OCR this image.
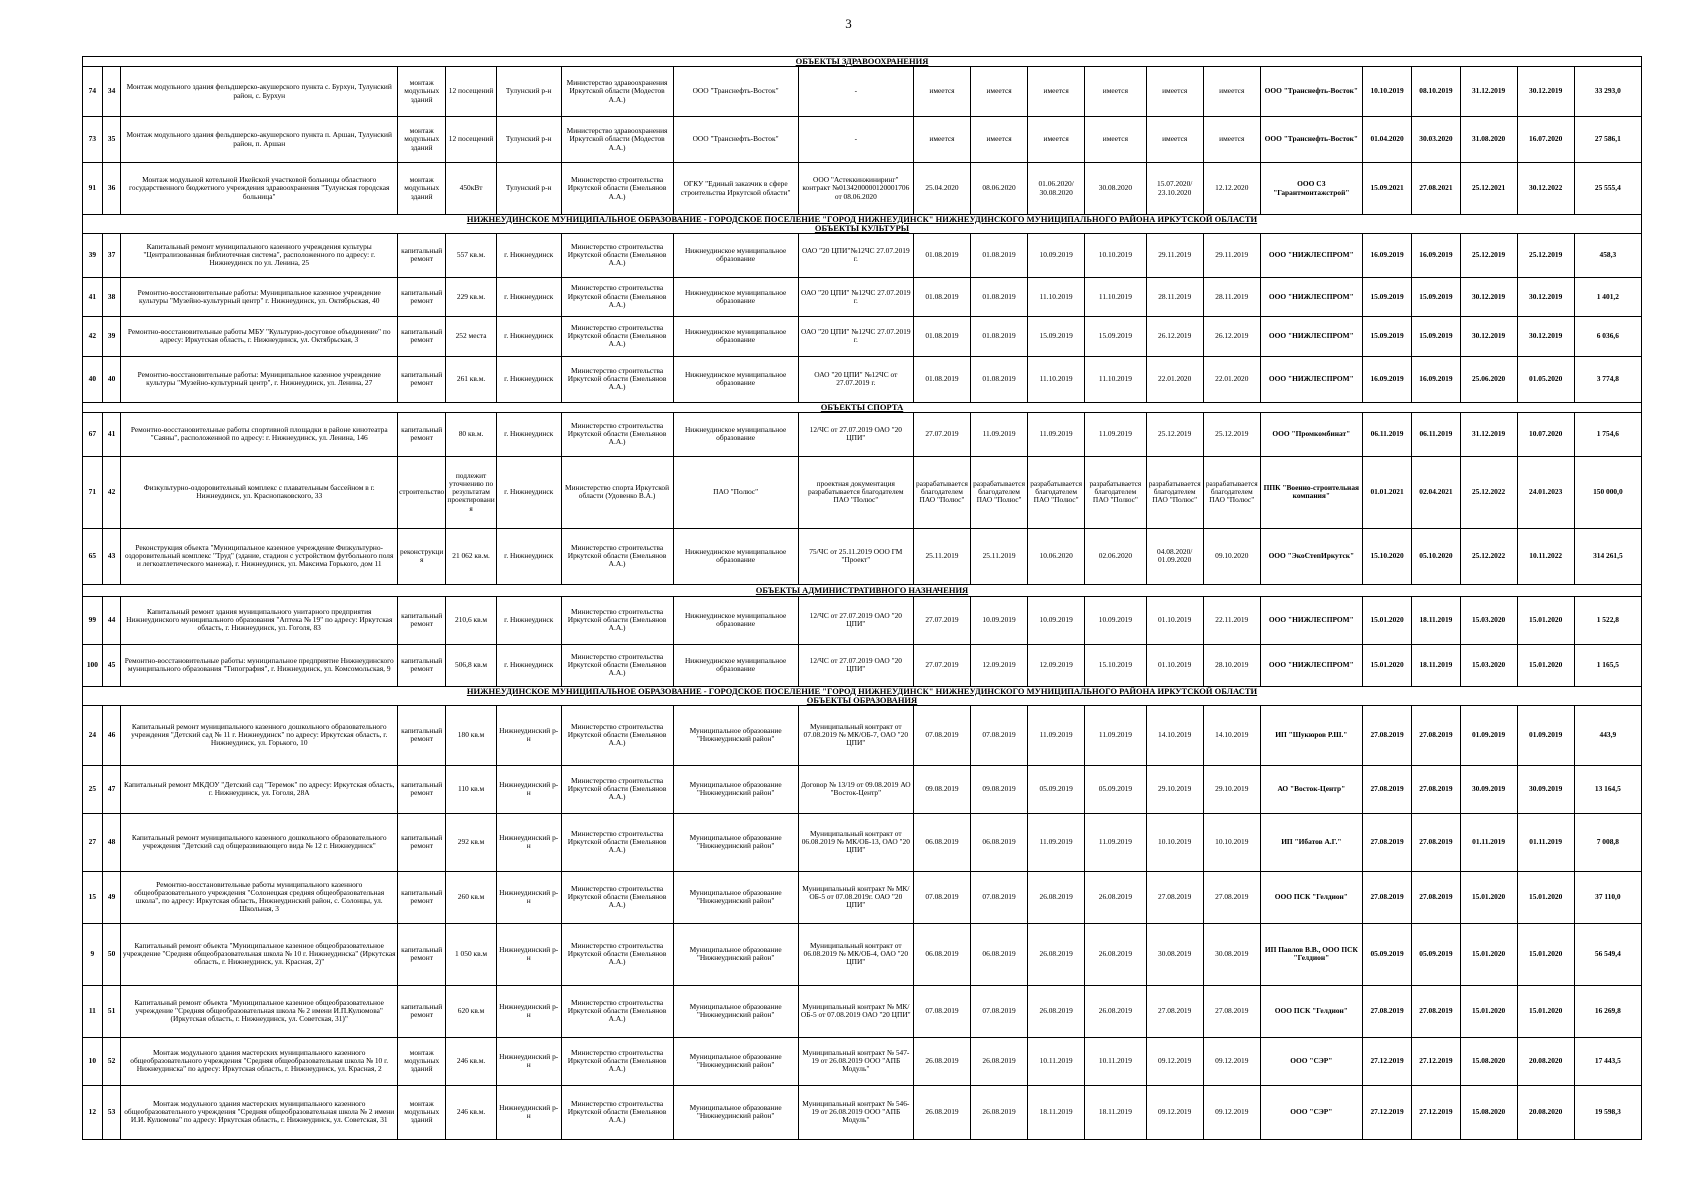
3
ОБЪЕКТЫ ЗДРАВООХРАНЕНИЯ																				

74	34	Монтаж модульного здания фельдшерско-акушерского пункта с. Бурхун, Тулунский район, с. Бурхун	монтаж модульных зданий	12 посещений	Тулунский р-н	Министерство здравоохранения Иркутской области (Модестов А.А.)	ООО "Транснефть-Восток"	-	имеется	имеется	имеется	имеется	имеется	имеется	ООО "Транснефть-Восток"	10.10.2019	08.10.2019	31.12.2019	30.12.2019	33 293,0
73	35	Монтаж модульного здания фельдшерско-акушерского пункта п. Аршан, Тулунский район, п. Аршан	монтаж модульных зданий	12 посещений	Тулунский р-н	Министерство здравоохранения Иркутской области (Модестов А.А.)	ООО "Транснефть-Восток"	-	имеется	имеется	имеется	имеется	имеется	имеется	ООО "Транснефть-Восток"	01.04.2020	30.03.2020	31.08.2020	16.07.2020	27 586,1
91	36	Монтаж модульной котельной Икейской участковой больницы областного государственного бюджетного учреждения здравоохранения "Тулунская городская больница"	монтаж модульных зданий	450кВт	Тулунский р-н	Министерство строительства Иркутской области (Емельянов А.А.)	ОГКУ "Единый заказчик в сфере строительства Иркутской области"	ООО "Астеккинжиниринг" контракт №0134200000120001706 от 08.06.2020	25.04.2020	08.06.2020	01.06.2020/ 30.08.2020	30.08.2020	15.07.2020/ 23.10.2020	12.12.2020	ООО СЗ "Гарантмонтажстрой"	15.09.2021	27.08.2021	25.12.2021	30.12.2022	25 555,4

НИЖНЕУДИНСКОЕ МУНИЦИПАЛЬНОЕ ОБРАЗОВАНИЕ - ГОРОДСКОЕ ПОСЕЛЕНИЕ "ГОРОД НИЖНЕУДИНСК" НИЖНЕУДИНСКОГО МУНИЦИПАЛЬНОГО РАЙОНА ИРКУТСКОЙ ОБЛАСТИ
ОБЪЕКТЫ КУЛЬТУРЫ																				

39	37	Капитальный ремонт муниципального казенного учреждения культуры "Централизованная библиотечная система", расположенного по адресу: г. Нижнеудинск по ул. Ленина, 25	капитальный ремонт	557 кв.м.	г. Нижнеудинск	Министерство строительства Иркутской области (Емельянов А.А.)	Нижнеудинское муниципальное образование	ОАО "20 ЦПИ"№12ЧС 27.07.2019 г.	01.08.2019	01.08.2019	10.09.2019	10.10.2019	29.11.2019	29.11.2019	ООО "НИЖЛЕСПРОМ"	16.09.2019	16.09.2019	25.12.2019	25.12.2019	458,3
41	38	Ремонтно-восстановительные работы: Муниципальное казенное учреждение культуры "Музейно-культурный центр" г. Нижнеудинск, ул. Октябрьская, 40	капитальный ремонт	229 кв.м.	г. Нижнеудинск	Министерство строительства Иркутской области (Емельянов А.А.)	Нижнеудинское муниципальное образование	ОАО "20 ЦПИ" №12ЧС 27.07.2019 г.	01.08.2019	01.08.2019	11.10.2019	11.10.2019	28.11.2019	28.11.2019	ООО "НИЖЛЕСПРОМ"	15.09.2019	15.09.2019	30.12.2019	30.12.2019	1 401,2
42	39	Ремонтно-восстановительные работы МБУ "Культурно-досуговое объединение" по адресу: Иркутская область, г. Нижнеудинск, ул. Октябрьская, 3	капитальный ремонт	252 места	г. Нижнеудинск	Министерство строительства Иркутской области (Емельянов А.А.)	Нижнеудинское муниципальное образование	ОАО "20 ЦПИ" №12ЧС 27.07.2019 г.	01.08.2019	01.08.2019	15.09.2019	15.09.2019	26.12.2019	26.12.2019	ООО "НИЖЛЕСПРОМ"	15.09.2019	15.09.2019	30.12.2019	30.12.2019	6 036,6
40	40	Ремонтно-восстановительные работы: Муниципальное казенное учреждение культуры "Музейно-культурный центр", г. Нижнеудинск, ул. Ленина, 27	капитальный ремонт	261 кв.м.	г. Нижнеудинск	Министерство строительства Иркутской области (Емельянов А.А.)	Нижнеудинское муниципальное образование	ОАО "20 ЦПИ" №12ЧС от 27.07.2019 г.	01.08.2019	01.08.2019	11.10.2019	11.10.2019	22.01.2020	22.01.2020	ООО "НИЖЛЕСПРОМ"	16.09.2019	16.09.2019	25.06.2020	01.05.2020	3 774,8

ОБЪЕКТЫ СПОРТА																				

67	41	Ремонтно-восстановительные работы спортивной площадки в районе кинотеатра "Саяны", расположенной по адресу: г. Нижнеудинск, ул. Ленина, 146	капитальный ремонт	80 кв.м.	г. Нижнеудинск	Министерство строительства Иркутской области (Емельянов А.А.)	Нижнеудинское муниципальное образование	12/ЧС от 27.07.2019 ОАО "20 ЦПИ"	27.07.2019	11.09.2019	11.09.2019	11.09.2019	25.12.2019	25.12.2019	ООО "Промкомбинат"	06.11.2019	06.11.2019	31.12.2019	10.07.2020	1 754,6
71	42	Физкультурно-оздоровительный комплекс с плавательным бассейном в г. Нижнеудинск, ул. Краснопаковского, 33	строительство	подлежит уточнению по результатам проектирования	г. Нижнеудинск	Министерство спорта Иркутской области (Удовенко В.А.)	ПАО "Полюс"	проектная документация разрабатывается благодателем ПАО "Полюс"	разрабатывается благодателем ПАО "Полюс"	разрабатывается благодателем ПАО "Полюс"	разрабатывается благодателем ПАО "Полюс"	разрабатывается благодателем ПАО "Полюс"	разрабатывается благодателем ПАО "Полюс"	разрабатывается благодателем ПАО "Полюс"	ППК "Военно-строительная компания"	01.01.2021	02.04.2021	25.12.2022	24.01.2023	150 000,0
65	43	Реконструкция объекта "Муниципальное казенное учреждение Физкультурно-оздоровительный комплекс "Труд" (здание, стадион с устройством футбольного поля и легкоатлетического манежа), г. Нижнеудинск, ул. Максима Горького, дом 11	реконструкция	21 062 кв.м.	г. Нижнеудинск	Министерство строительства Иркутской области (Емельянов А.А.)	Нижнеудинское муниципальное образование	75/ЧС от 25.11.2019 ООО ГМ "Проект"	25.11.2019	25.11.2019	10.06.2020	02.06.2020	04.08.2020/ 01.09.2020	09.10.2020	ООО "ЭкоСтепИркутск"	15.10.2020	05.10.2020	25.12.2022	10.11.2022	314 261,5

ОБЪЕКТЫ АДМИНИСТРАТИВНОГО НАЗНАЧЕНИЯ																				

99	44	Капитальный ремонт здания муниципального унитарного предприятия Нижнеудинского муниципального образования "Аптека № 19" по адресу: Иркутская область, г. Нижнеудинск, ул. Гоголя, 83	капитальный ремонт	210,6 кв.м	г. Нижнеудинск	Министерство строительства Иркутской области (Емельянов А.А.)	Нижнеудинское муниципальное образование	12/ЧС от 27.07.2019 ОАО "20 ЦПИ"	27.07.2019	10.09.2019	10.09.2019	10.09.2019	01.10.2019	22.11.2019	ООО "НИЖЛЕСПРОМ"	15.01.2020	18.11.2019	15.03.2020	15.01.2020	1 522,8
100	45	Ремонтно-восстановительные работы: муниципальное предприятие Нижнеудинского муниципального образования "Типография", г. Нижнеудинск, ул. Комсомольская, 9	капитальный ремонт	506,8 кв.м	г. Нижнеудинск	Министерство строительства Иркутской области (Емельянов А.А.)	Нижнеудинское муниципальное образование	12/ЧС от 27.07.2019 ОАО "20 ЦПИ"	27.07.2019	12.09.2019	12.09.2019	15.10.2019	01.10.2019	28.10.2019	ООО "НИЖЛЕСПРОМ"	15.01.2020	18.11.2019	15.03.2020	15.01.2020	1 165,5

НИЖНЕУДИНСКОЕ МУНИЦИПАЛЬНОЕ ОБРАЗОВАНИЕ - ГОРОДСКОЕ ПОСЕЛЕНИЕ "ГОРОД НИЖНЕУДИНСК" НИЖНЕУДИНСКОГО МУНИЦИПАЛЬНОГО РАЙОНА ИРКУТСКОЙ ОБЛАСТИ
ОБЪЕКТЫ ОБРАЗОВАНИЯ																				

24	46	Капитальный ремонт муниципального казенного дошкольного образовательного учреждения "Детский сад № 11 г. Нижнеудинск" по адресу: Иркутская область, г. Нижнеудинск, ул. Горького, 10	капитальный ремонт	180 кв.м	Нижнеудинский р-н	Министерство строительства Иркутской области (Емельянов А.А.)	Муниципальное образование "Нижнеудинский район"	Муниципальный контракт от 07.08.2019 № МК/ОБ-7, ОАО "20 ЦПИ"	07.08.2019	07.08.2019	11.09.2019	11.09.2019	14.10.2019	14.10.2019	ИП "Шукюров Р.Ш."	27.08.2019	27.08.2019	01.09.2019	01.09.2019	443,9
25	47	Капитальный ремонт МКДОУ "Детский сад "Теремок" по адресу: Иркутская область, г. Нижнеудинск, ул. Гоголя, 28А	капитальный ремонт	110 кв.м	Нижнеудинский р-н	Министерство строительства Иркутской области (Емельянов А.А.)	Муниципальное образование "Нижнеудинский район"	Договор № 13/19 от 09.08.2019 АО "Восток-Центр"	09.08.2019	09.08.2019	05.09.2019	05.09.2019	29.10.2019	29.10.2019	АО "Восток-Центр"	27.08.2019	27.08.2019	30.09.2019	30.09.2019	13 164,5
27	48	Капитальный ремонт муниципального казенного дошкольного образовательного учреждения "Детский сад общеразвивающего вида № 12 г. Нижнеудинск"	капитальный ремонт	292 кв.м	Нижнеудинский р-н	Министерство строительства Иркутской области (Емельянов А.А.)	Муниципальное образование "Нижнеудинский район"	Муниципальный контракт от 06.08.2019 № МК/ОБ-13, ОАО "20 ЦПИ"	06.08.2019	06.08.2019	11.09.2019	11.09.2019	10.10.2019	10.10.2019	ИП "Ибатов А.Г."	27.08.2019	27.08.2019	01.11.2019	01.11.2019	7 008,8
15	49	Ремонтно-восстановительные работы муниципального казенного общеобразовательного учреждения "Солонецкая средняя общеобразовательная школа", по адресу: Иркутская область, Нижнеудинский район, с. Солонцы, ул. Школьная, 3	капитальный ремонт	260 кв.м	Нижнеудинский р-н	Министерство строительства Иркутской области (Емельянов А.А.)	Муниципальное образование "Нижнеудинский район"	Муниципальный контракт № МК/ОБ-5 от 07.08.2019г. ОАО "20 ЦПИ"	07.08.2019	07.08.2019	26.08.2019	26.08.2019	27.08.2019	27.08.2019	ООО ПСК "Гелдион"	27.08.2019	27.08.2019	15.01.2020	15.01.2020	37 110,0
9	50	Капитальный ремонт объекта "Муниципальное казенное общеобразовательное учреждение "Средняя общеобразовательная школа № 10 г. Нижнеудинска" (Иркутская область, г. Нижнеудинск, ул. Красная, 2)"	капитальный ремонт	1 050 кв.м	Нижнеудинский р-н	Министерство строительства Иркутской области (Емельянов А.А.)	Муниципальное образование "Нижнеудинский район"	Муниципальный контракт от 06.08.2019 № МК/ОБ-4, ОАО "20 ЦПИ"	06.08.2019	06.08.2019	26.08.2019	26.08.2019	30.08.2019	30.08.2019	ИП Павлов В.В., ООО ПСК "Гелдион"	05.09.2019	05.09.2019	15.01.2020	15.01.2020	56 549,4
11	51	Капитальный ремонт объекта "Муниципальное казенное общеобразовательное учреждение "Средняя общеобразовательная школа № 2 имени И.П.Кулюмова" (Иркутская область, г. Нижнеудинск, ул. Советская, 31)"	капитальный ремонт	620 кв.м	Нижнеудинский р-н	Министерство строительства Иркутской области (Емельянов А.А.)	Муниципальное образование "Нижнеудинский район"	Муниципальный контракт № МК/ОБ-5 от 07.08.2019 ОАО "20 ЦПИ"	07.08.2019	07.08.2019	26.08.2019	26.08.2019	27.08.2019	27.08.2019	ООО ПСК "Гелдион"	27.08.2019	27.08.2019	15.01.2020	15.01.2020	16 269,8
10	52	Монтаж модульного здания мастерских муниципального казенного общеобразовательного учреждения "Средняя общеобразовательная школа № 10 г. Нижнеудинска" по адресу: Иркутская область, г. Нижнеудинск, ул. Красная, 2	монтаж модульных зданий	246 кв.м.	Нижнеудинский р-н	Министерство строительства Иркутской области (Емельянов А.А.)	Муниципальное образование "Нижнеудинский район"	Муниципальный контракт № 547-19 от 26.08.2019 ООО "АПБ Модуль"	26.08.2019	26.08.2019	10.11.2019	10.11.2019	09.12.2019	09.12.2019	ООО "СЭР"	27.12.2019	27.12.2019	15.08.2020	20.08.2020	17 443,5
12	53	Монтаж модульного здания мастерских муниципального казенного общеобразовательного учреждения "Средняя общеобразовательная школа № 2 имени И.И. Кулюмова" по адресу: Иркутская область, г. Нижнеудинск, ул. Советская, 31	монтаж модульных зданий	246 кв.м.	Нижнеудинский р-н	Министерство строительства Иркутской области (Емельянов А.А.)	Муниципальное образование "Нижнеудинский район"	Муниципальный контракт № 546-19 от 26.08.2019 ООО "АПБ Модуль"	26.08.2019	26.08.2019	18.11.2019	18.11.2019	09.12.2019	09.12.2019	ООО "СЭР"	27.12.2019	27.12.2019	15.08.2020	20.08.2020	19 598,3
